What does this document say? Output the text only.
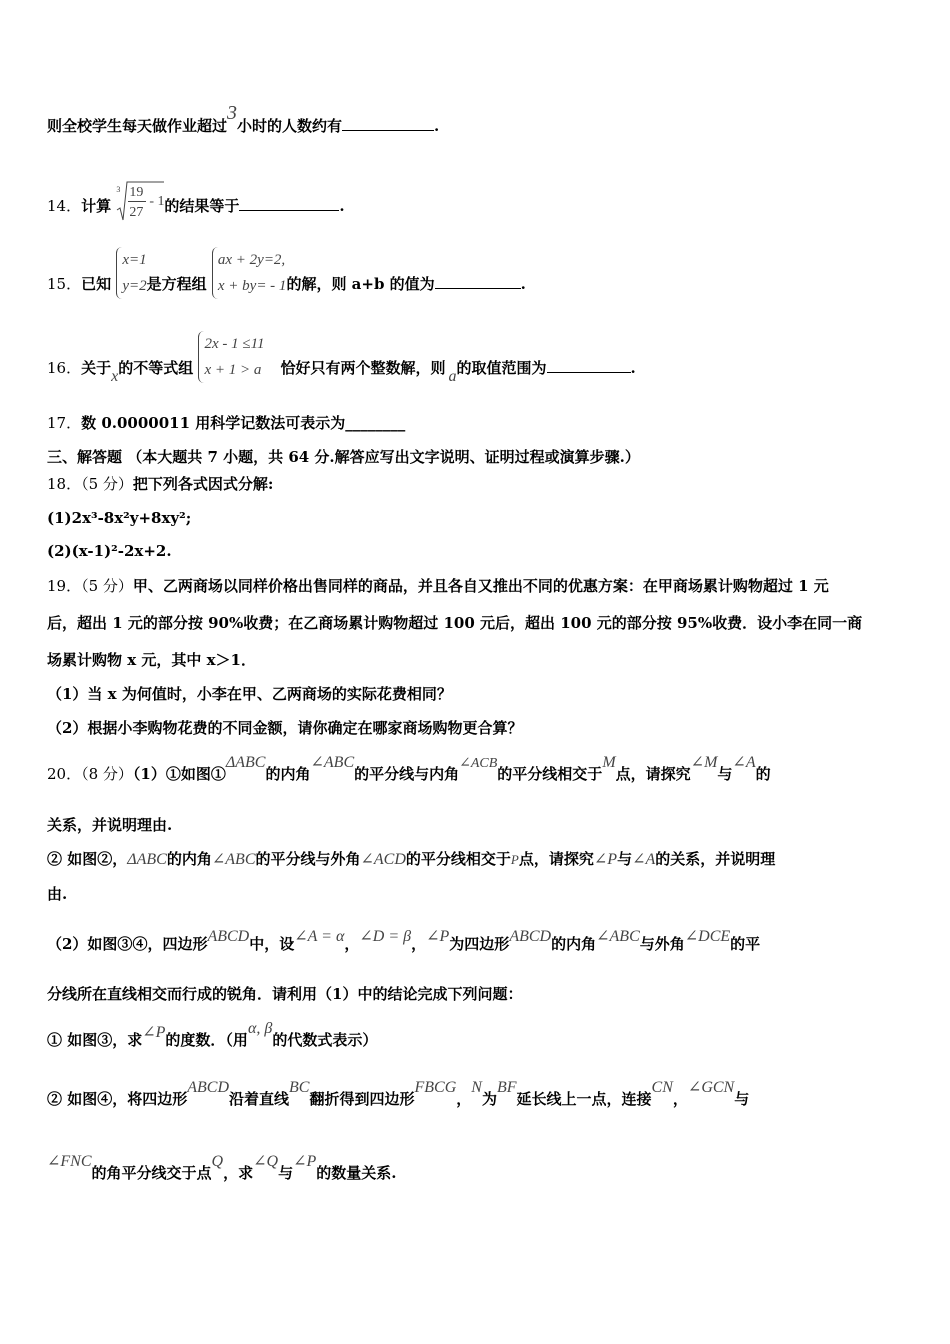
则全校学生每天做作业超过3小时的人数约有	.
14．计算
3 19
27
- 1 的结果等于	.
15．已知
x=1
y=2 是方程组
ax + 2y=2,
x + by= - 1 的解，则 a+b 的值为	.
16．关于x的不等式组
2x - 1 ≤11
x + 1 > a 恰好只有两个整数解，则 a的取值范围为	.
17．数 0.0000011 用科学记数法可表示为________
三、解答题 （本大题共 7 小题，共 64 分.解答应写出文字说明、证明过程或演算步骤.）
18．（5 分）把下列各式因式分解:
(1)2x³-8x²y+8xy²;
(2)(x-1)²-2x+2.
19．（5 分）甲、乙两商场以同样价格出售同样的商品，并且各自又推出不同的优惠方案：在甲商场累计购物超过 1 元
后，超出 1 元的部分按 90%收费；在乙商场累计购物超过 100 元后，超出 100 元的部分按 95%收费．设小李在同一商
场累计购物 x 元，其中 x＞1．
（1）当 x 为何值时，小李在甲、乙两商场的实际花费相同？
（2）根据小李购物花费的不同金额，请你确定在哪家商场购物更合算？
20．（8 分）（1）①如图①ΔABC的内角∠ABC的平分线与内角∠ACB的平分线相交于M点，请探究∠M与∠A的
关系，并说明理由.
② 如图②，ΔABC的内角∠ABC的平分线与外角∠ACD的平分线相交于P点，请探究∠P与∠A的关系，并说明理
由.
（2）如图③④，四边形ABCD中，设∠A = α，∠D = β，∠P为四边形ABCD的内角∠ABC与外角∠DCE的平
分线所在直线相交而行成的锐角．请利用（1）中的结论完成下列问题：
① 如图③，求∠P的度数．（用α, β的代数式表示）
② 如图④，将四边形ABCD沿着直线BC翻折得到四边形FBCG，N为BF延长线上一点，连接CN，∠GCN与
∠FNC的角平分线交于点Q，求∠Q与∠P的数量关系.
